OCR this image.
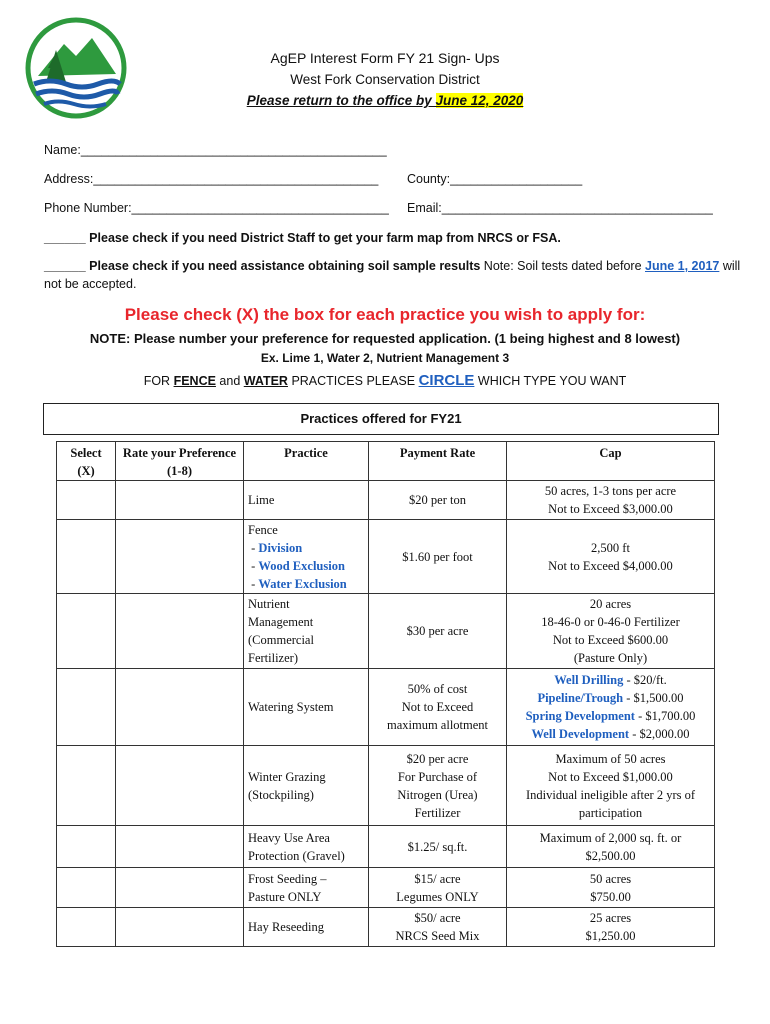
AgEP Interest Form FY 21 Sign- Ups
West Fork Conservation District
Please return to the office by June 12, 2020
Name:____________________________________________
Address:_________________________________________ County:___________________
Phone Number:_____________________________________ Email:_______________________________________
______ Please check if you need District Staff to get your farm map from NRCS or FSA.
______ Please check if you need assistance obtaining soil sample results Note: Soil tests dated before June 1, 2017 will
not be accepted.
Please check (X) the box for each practice you wish to apply for:
NOTE: Please number your preference for requested application. (1 being highest and 8 lowest)
Ex. Lime 1, Water 2, Nutrient Management 3
FOR FENCE and WATER PRACTICES PLEASE CIRCLE WHICH TYPE YOU WANT
Practices offered for FY21
Select (X)	Rate your Preference (1-8)	Practice	Payment Rate	Cap

		Lime	$20 per ton	50 acres, 1-3 tons per acre
Not to Exceed $3,000.00

		Fence
- Division
- Wood Exclusion
- Water Exclusion	$1.60 per foot	2,500 ft
Not to Exceed $4,000.00

		Nutrient
Management
(Commercial
Fertilizer)	$30 per acre	20 acres
18-46-0 or 0-46-0 Fertilizer
Not to Exceed $600.00
(Pasture Only)

		Watering System	50% of cost
Not to Exceed
maximum allotment	Well Drilling - $20/ft.
Pipeline/Trough - $1,500.00
Spring Development - $1,700.00
Well Development - $2,000.00

		Winter Grazing
(Stockpiling)	$20 per acre
For Purchase of
Nitrogen (Urea)
Fertilizer	Maximum of 50 acres
Not to Exceed $1,000.00
Individual ineligible after 2 yrs of
participation

		Heavy Use Area
Protection (Gravel)	$1.25/ sq.ft.	Maximum of 2,000 sq. ft. or
$2,500.00

		Frost Seeding –
Pasture ONLY	$15/ acre
Legumes ONLY	50 acres
$750.00

		Hay Reseeding	$50/ acre
NRCS Seed Mix	25 acres
$1,250.00
